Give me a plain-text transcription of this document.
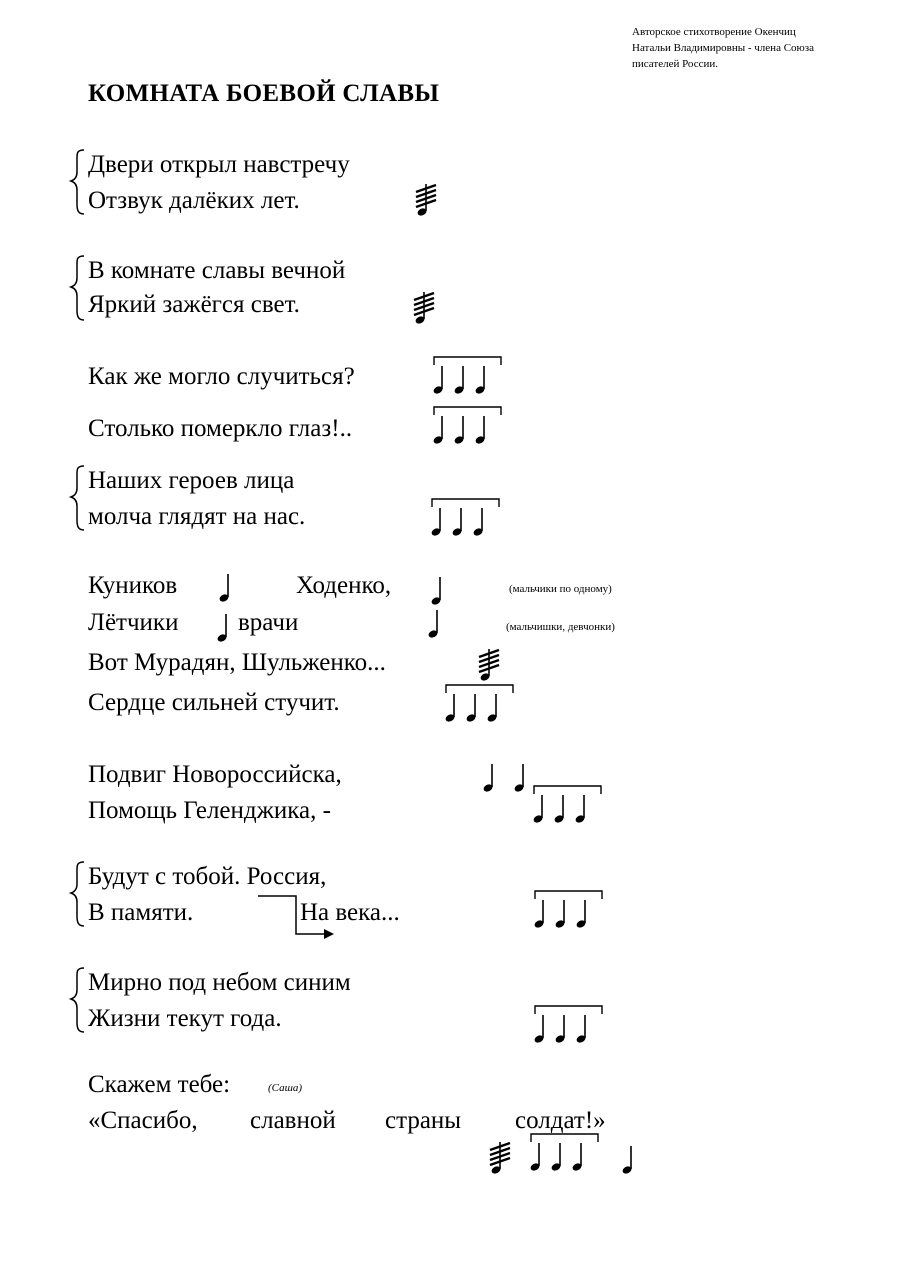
Авторское стихотворение Окенчиц
Натальи Владимировны - члена Союза
писателей России.
КОМНАТА БОЕВОЙ СЛАВЫ
Двери открыл навстречу
Отзвук далёких лет.
В комнате славы вечной
Яркий зажёгся свет.
Как же могло случиться?
Столько померкло глаз!..
Наших героев лица
молча глядят на нас.
Куников	Ходенко,	(мальчики по одному)
Лётчики врачи	(мальчишки, девчонки)
Вот Мурадян, Шульженко...
Сердце сильней стучит.
Подвиг Новороссийска,
Помощь Геленджика, -
Будут с тобой. Россия,
В памяти.	На века...
Мирно под небом синим
Жизни текут года.
Скажем тебе:	(Саша)
«Спасибо, славной страны солдат!»
